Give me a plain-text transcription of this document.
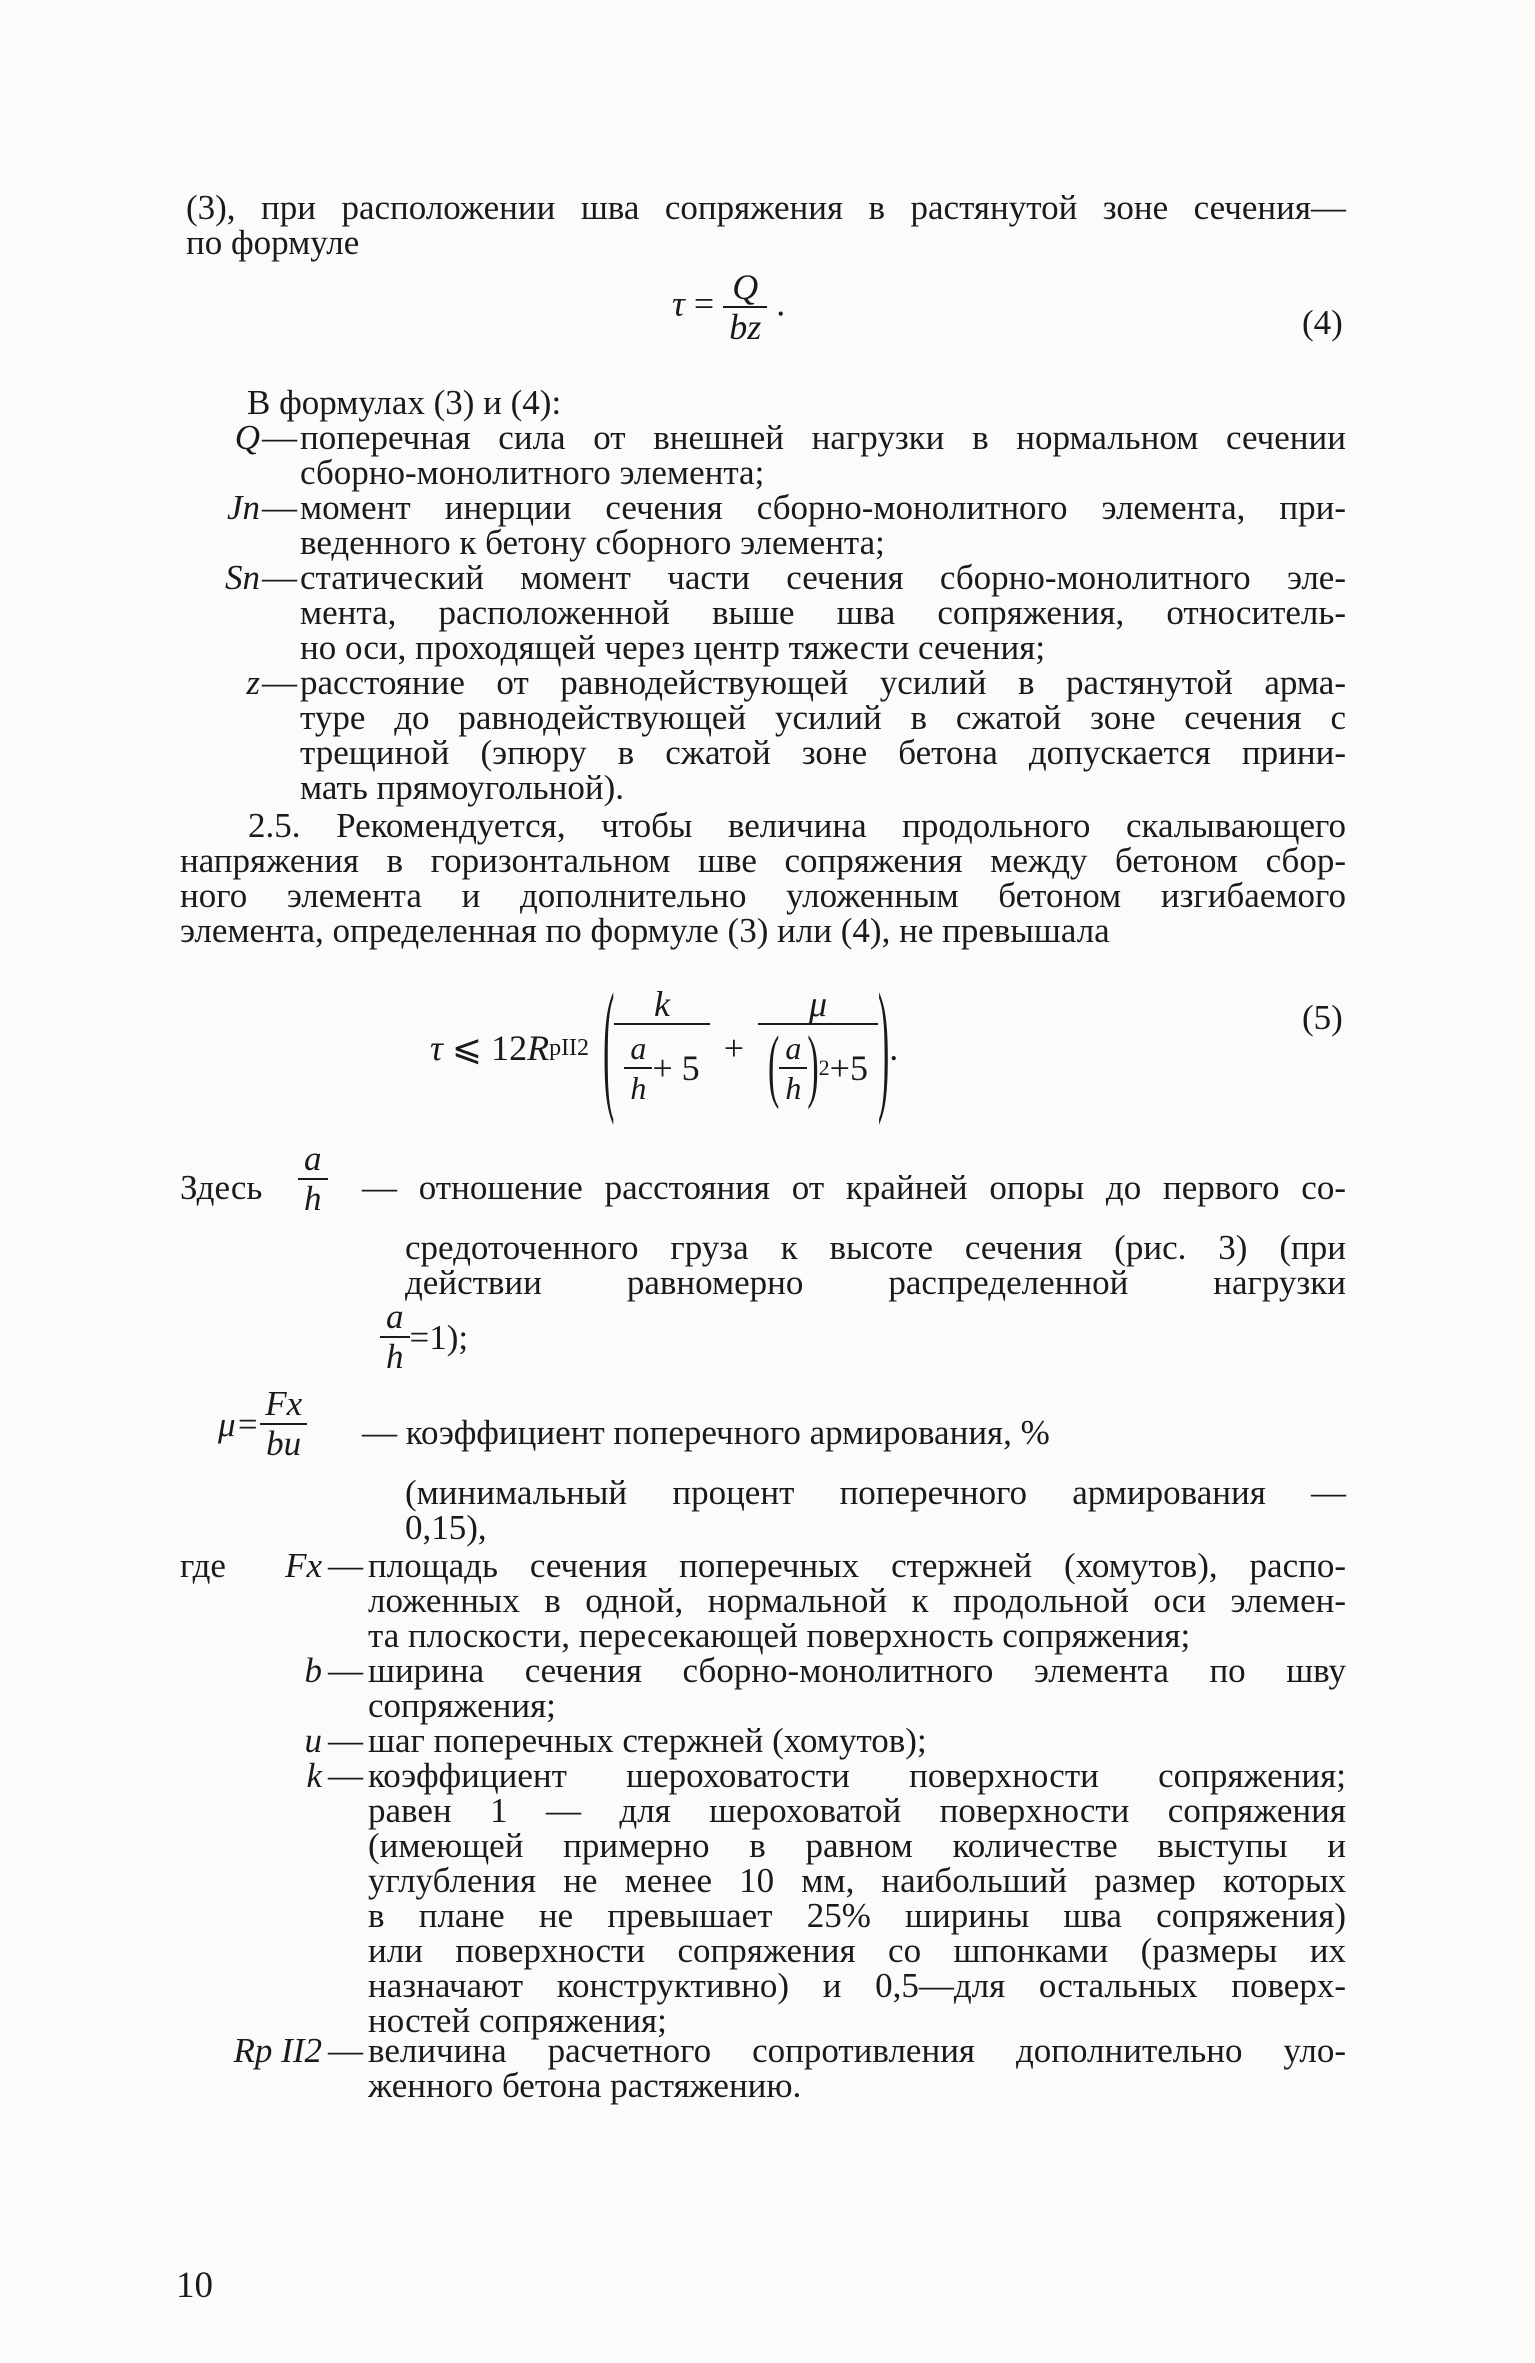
(3), при расположении шва сопряжения в растянутой зоне сечения—
по формуле
$\tau = \frac{Q}{bz}$ .	(4)
В формулах (3) и (4):
Q — поперечная сила от внешней нагрузки в нормальном сечении
сборно-монолитного элемента;
Jп — момент инерции сечения сборно-монолитного элемента, при-
веденного к бетону сборного элемента;
Sп — статический момент части сечения сборно-монолитного эле-
мента, расположенной выше шва сопряжения, относитель-
но оси, проходящей через центр тяжести сечения;
z — расстояние от равнодействующей усилий в растянутой арма-
туре до равнодействующей усилий в сжатой зоне сечения с
трещиной (эпюру в сжатой зоне бетона допускается прини-
мать прямоугольной).
2.5. Рекомендуется, чтобы величина продольного скалывающего
напряжения в горизонтальном шве сопряжения между бетоном сбор-
ного элемента и дополнительно уложенным бетоном изгибаемого
элемента, определенная по формуле (3) или (4), не превышала
τ
⩽
12 R рII2 ( $\frac{k}{\frac{a}{h} + 5} + \frac{\mu}{( \frac{a}{h} ) 2 +5}$ ) .
(5)
Здесь $\frac{a}{h}$ — отношение расстояния от крайней опоры до первого со-
средоточенного груза к высоте сечения (рис. 3) (при
действии равномерно распределенной нагрузки
$\frac{a}{h} =1$);
$\mu= \frac{Fх}{bu}$ — коэффициент поперечного армирования, %
(минимальный процент поперечного армирования —
0,15),
где Fх — площадь сечения поперечных стержней (хомутов), распо-
ложенных в одной, нормальной к продольной оси элемен-
та плоскости, пересекающей поверхность сопряжения;
b — ширина сечения сборно-монолитного элемента по шву
сопряжения;
u — шаг поперечных стержней (хомутов);
k — коэффициент шероховатости поверхности сопряжения;
равен 1 — для шероховатой поверхности сопряжения
(имеющей примерно в равном количестве выступы и
углубления не менее 10 мм, наибольший размер которых
в плане не превышает 25% ширины шва сопряжения)
или поверхности сопряжения со шпонками (размеры их
назначают конструктивно) и 0,5—для остальных поверх-
ностей сопряжения;
Rр II2 — величина расчетного сопротивления дополнительно уло-
женного бетона растяжению.
10
